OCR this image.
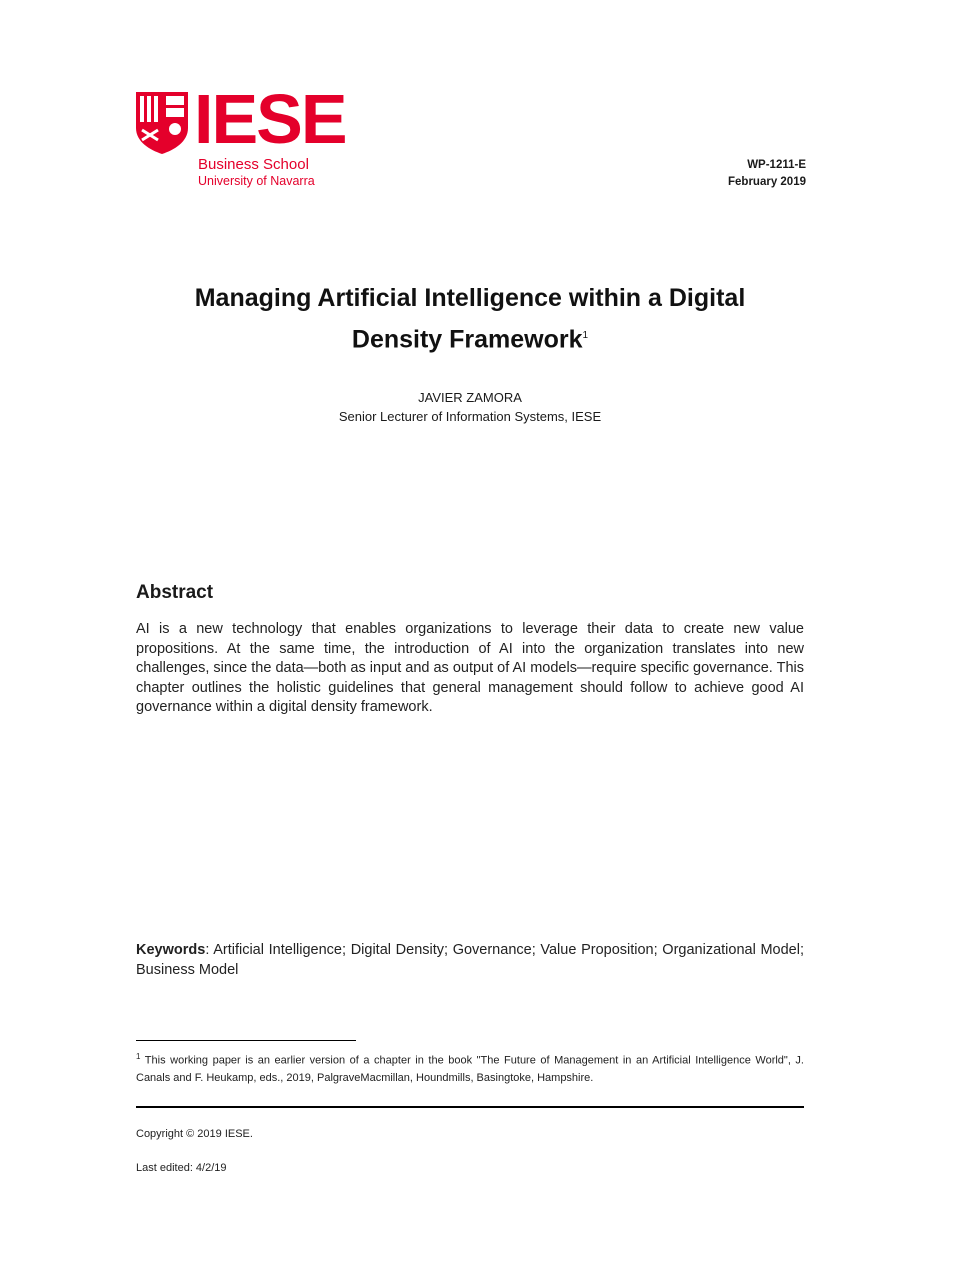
IESE
Business School
University of Navarra
WP-1211-E
February 2019
Managing Artificial Intelligence within a Digital
Density Framework$^1$
JAVIER ZAMORA
Senior Lecturer of Information Systems, IESE
Abstract
AI is a new technology that enables organizations to leverage their data to create new value propositions. At the same time, the introduction of AI into the organization translates into new challenges, since the data—both as input and as output of AI models—require specific governance. This chapter outlines the holistic guidelines that general management should follow to achieve good AI governance within a digital density framework.
Keywords: Artificial Intelligence; Digital Density; Governance; Value Proposition; Organizational Model; Business Model
$^1$ This working paper is an earlier version of a chapter in the book "The Future of Management in an Artificial Intelligence World", J. Canals and F. Heukamp, eds., 2019, PalgraveMacmillan, Houndmills, Basingtoke, Hampshire.
Copyright © 2019 IESE.
Last edited: 4/2/19
